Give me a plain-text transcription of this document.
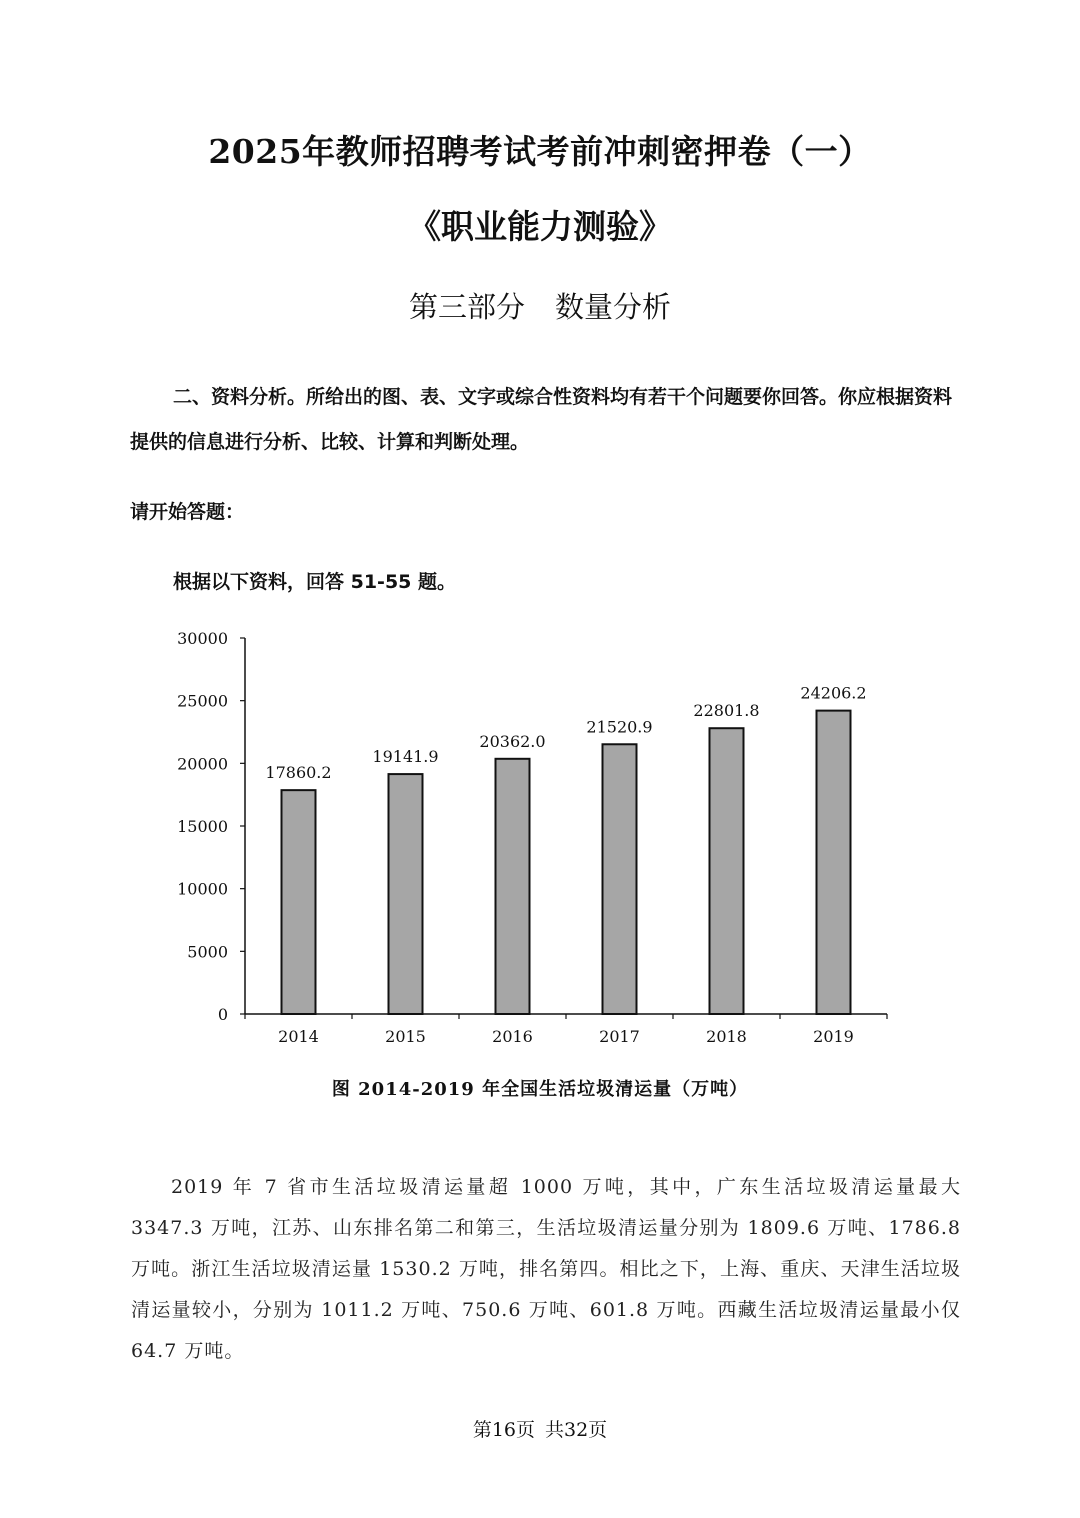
2025年教师招聘考试考前冲刺密押卷（一）
《职业能力测验》
第三部分 数量分析
二、资料分析。所给出的图、表、文字或综合性资料均有若干个问题要你回答。你应根据资料提供的信息进行分析、比较、计算和判断处理。
请开始答题：
根据以下资料，回答 51-55 题。
0
5000
10000
15000
20000
25000
30000
2014	2015	2016	2017	2018	2019
17860.2
19141.9
20362.0
21520.9
22801.8
24206.2
图 2014-2019 年全国生活垃圾清运量（万吨）
2019 年 7 省市生活垃圾清运量超 1000 万吨，其中，广东生活垃圾清运量最大 3347.3 万吨，江苏、山东排名第二和第三，生活垃圾清运量分别为 1809.6 万吨、1786.8 万吨。浙江生活垃圾清运量 1530.2 万吨，排名第四。相比之下，上海、重庆、天津生活垃圾清运量较小，分别为 1011.2 万吨、750.6 万吨、601.8 万吨。西藏生活垃圾清运量最小仅 64.7 万吨。
第16页 共32页
